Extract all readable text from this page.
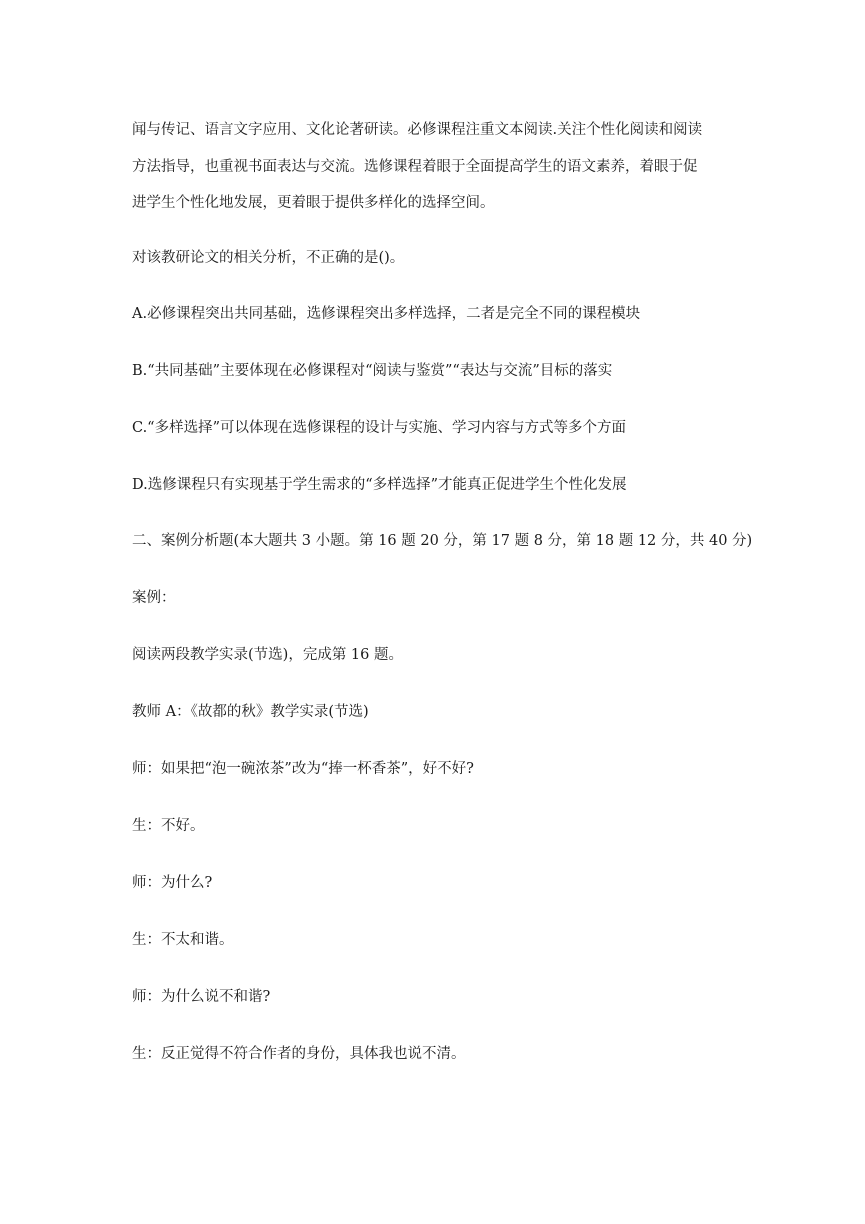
闻与传记、语言文字应用、文化论著研读。必修课程注重文本阅读.关注个性化阅读和阅读
方法指导，也重视书面表达与交流。选修课程着眼于全面提高学生的语文素养，着眼于促
进学生个性化地发展，更着眼于提供多样化的选择空间。
对该教研论文的相关分析，不正确的是()。
A.必修课程突出共同基础，选修课程突出多样选择，二者是完全不同的课程模块
B.“共同基础”主要体现在必修课程对“阅读与鉴赏”“表达与交流”目标的落实
C.“多样选择”可以体现在选修课程的设计与实施、学习内容与方式等多个方面
D.选修课程只有实现基于学生需求的“多样选择”才能真正促进学生个性化发展
二、案例分析题(本大题共 3 小题。第 16 题 20 分，第 17 题 8 分，第 18 题 12 分，共 40 分)
案例：
阅读两段教学实录(节选)，完成第 16 题。
教师 A：《故都的秋》教学实录(节选)
师：如果把“泡一碗浓茶”改为“捧一杯香茶”，好不好?
生：不好。
师：为什么?
生：不太和谐。
师：为什么说不和谐?
生：反正觉得不符合作者的身份，具体我也说不清。
